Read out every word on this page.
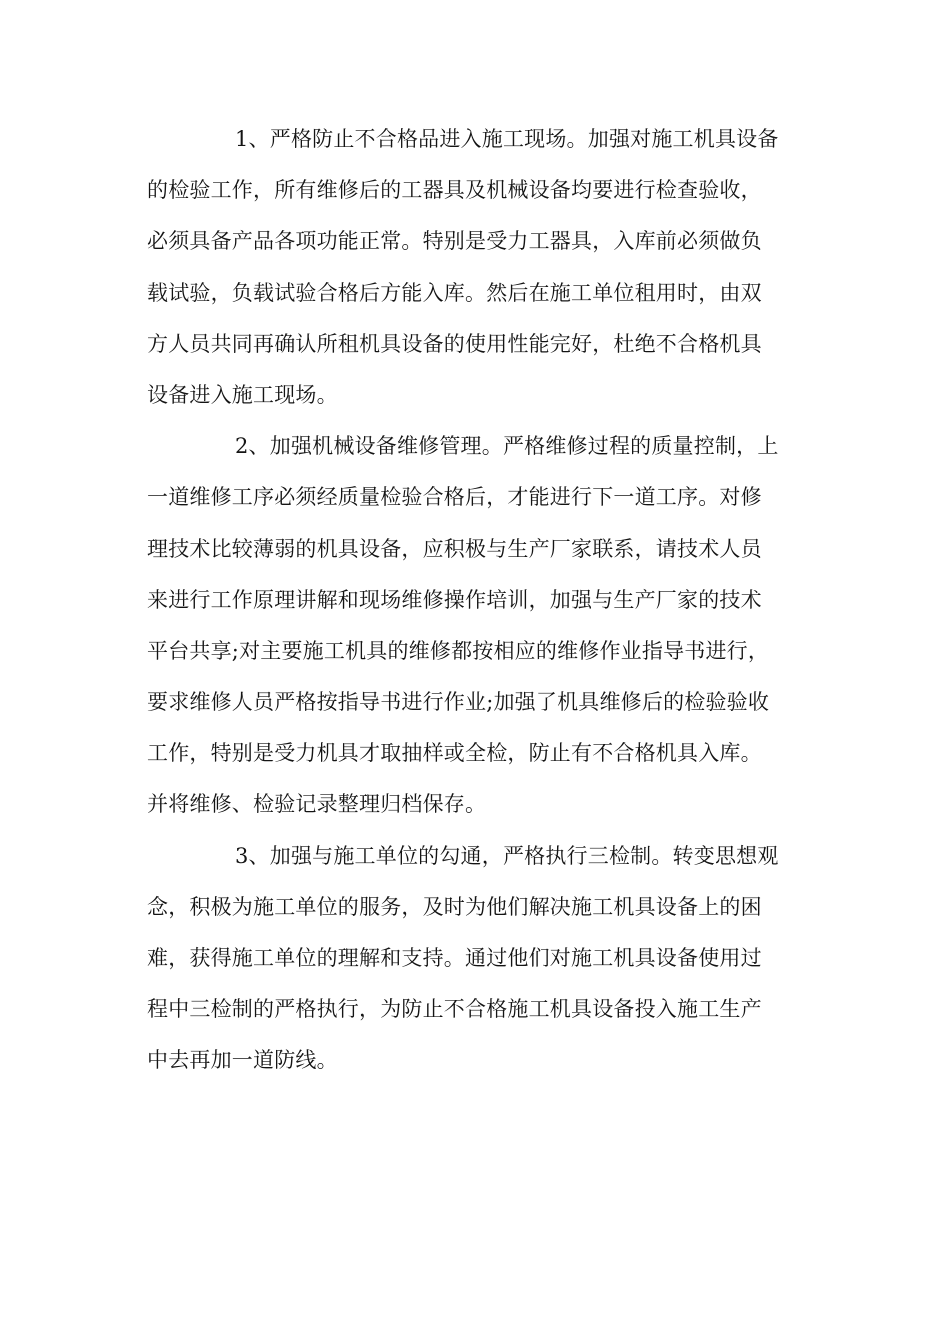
1、严格防止不合格品进入施工现场。加强对施工机具设备
的检验工作，所有维修后的工器具及机械设备均要进行检查验收，
必须具备产品各项功能正常。特别是受力工器具，入库前必须做负
载试验，负载试验合格后方能入库。然后在施工单位租用时，由双
方人员共同再确认所租机具设备的使用性能完好，杜绝不合格机具
设备进入施工现场。
2、加强机械设备维修管理。严格维修过程的质量控制，上
一道维修工序必须经质量检验合格后，才能进行下一道工序。对修
理技术比较薄弱的机具设备，应积极与生产厂家联系，请技术人员
来进行工作原理讲解和现场维修操作培训，加强与生产厂家的技术
平台共享;对主要施工机具的维修都按相应的维修作业指导书进行，
要求维修人员严格按指导书进行作业;加强了机具维修后的检验验收
工作，特别是受力机具才取抽样或全检，防止有不合格机具入库。
并将维修、检验记录整理归档保存。
3、加强与施工单位的勾通，严格执行三检制。转变思想观
念，积极为施工单位的服务，及时为他们解决施工机具设备上的困
难，获得施工单位的理解和支持。通过他们对施工机具设备使用过
程中三检制的严格执行，为防止不合格施工机具设备投入施工生产
中去再加一道防线。
